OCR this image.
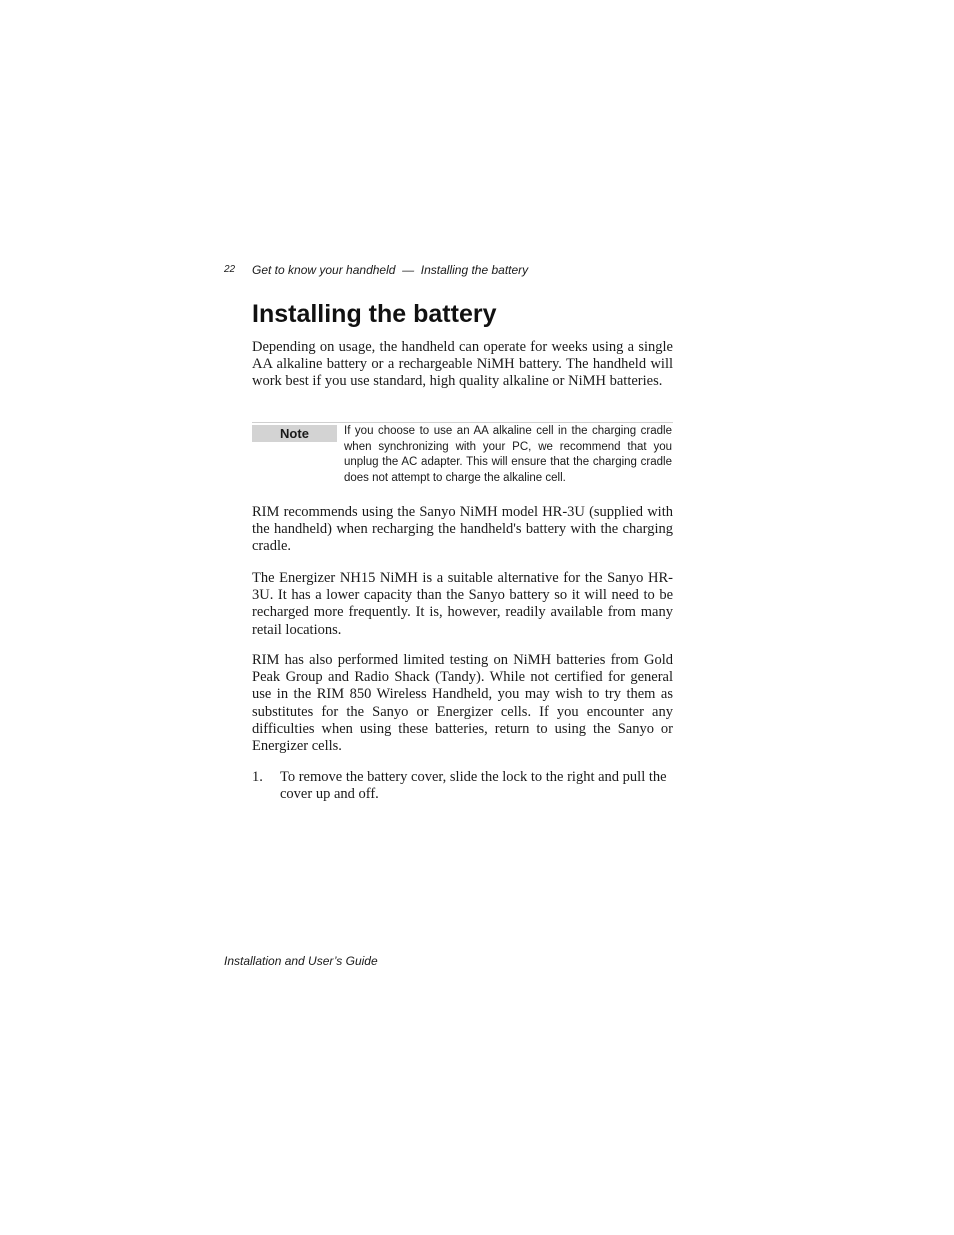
22 Get to know your handheld  —  Installing the battery
Installing the battery

Depending on usage, the handheld can operate for weeks using a single AA alkaline battery or a rechargeable NiMH battery. The handheld will work best if you use standard, high quality alkaline or NiMH batteries.

Note	If you choose to use an AA alkaline cell in the charging cradle when synchronizing with your PC, we recommend that you unplug the AC adapter. This will ensure that the charging cradle does not attempt to charge the alkaline cell.

RIM recommends using the Sanyo NiMH model HR-3U (supplied with the handheld) when recharging the handheld's battery with the charging cradle.

The Energizer NH15 NiMH is a suitable alternative for the Sanyo HR-3U. It has a lower capacity than the Sanyo battery so it will need to be recharged more frequently. It is, however, readily available from many retail locations.

RIM has also performed limited testing on NiMH batteries from Gold Peak Group and Radio Shack (Tandy). While not certified for general use in the RIM 850 Wireless Handheld, you may wish to try them as substitutes for the Sanyo or Energizer cells. If you encounter any difficulties when using these batteries, return to using the Sanyo or Energizer cells.

1. To remove the battery cover, slide the lock to the right and pull the cover up and off.
Installation and User’s Guide
